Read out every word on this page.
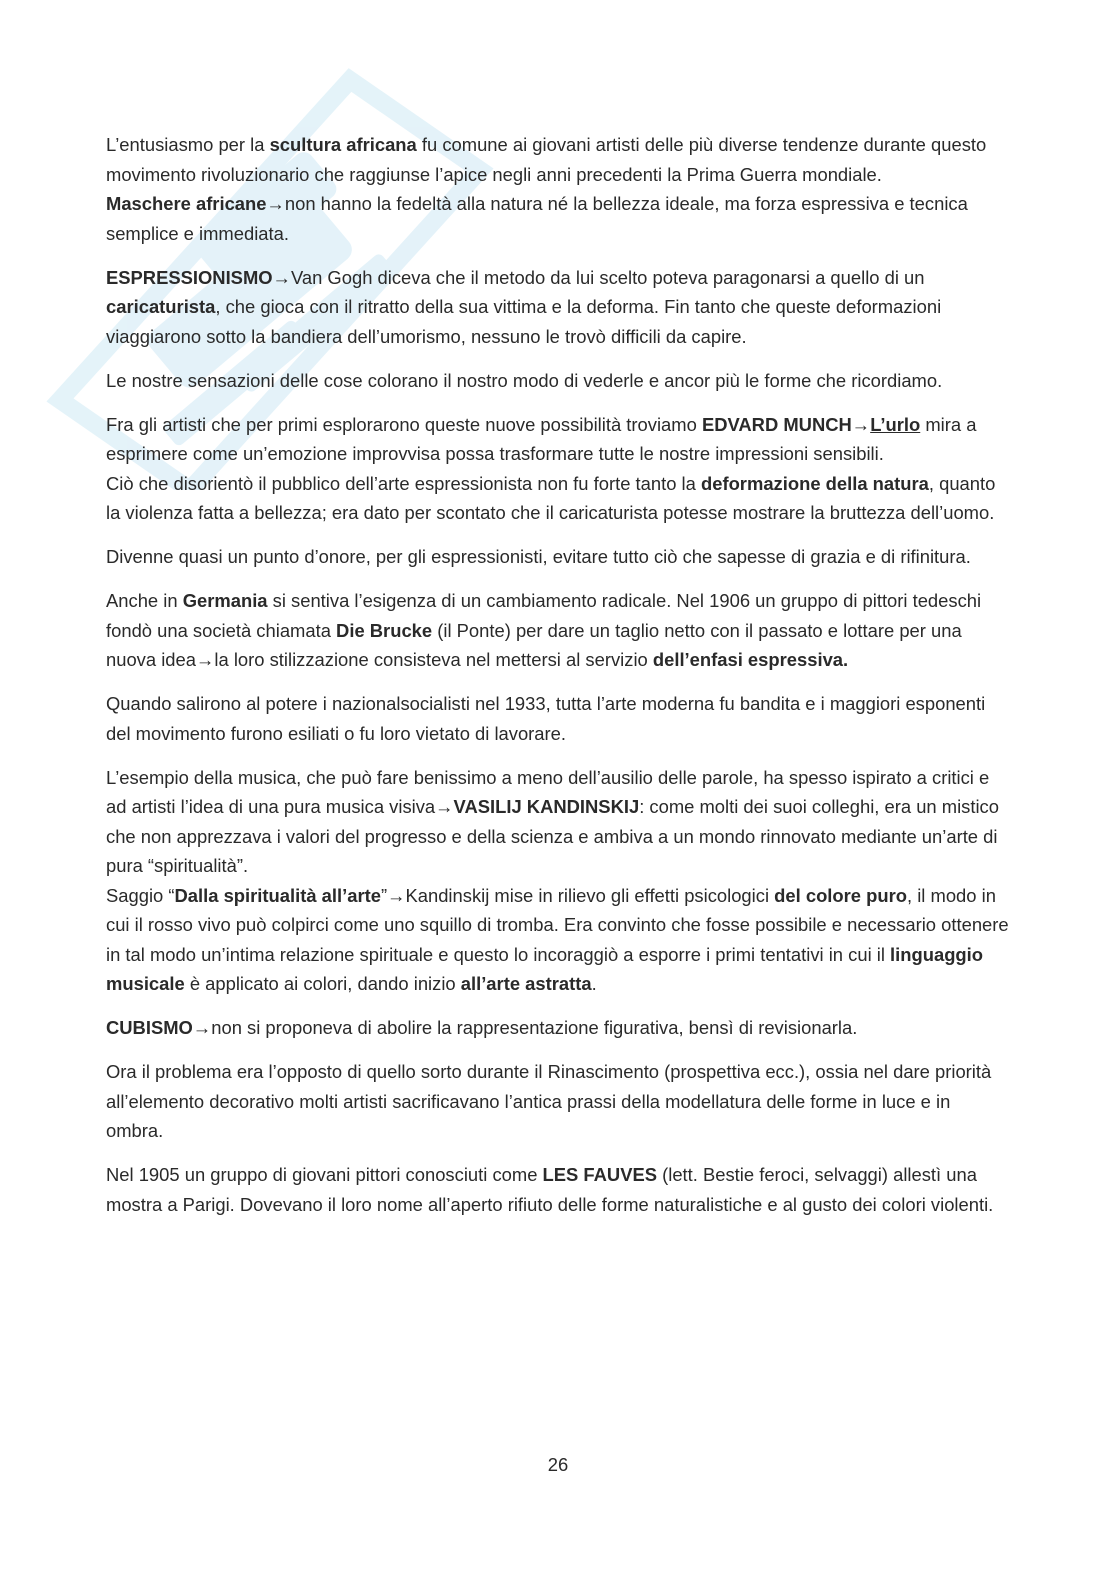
L’entusiasmo per la scultura africana fu comune ai giovani artisti delle più diverse tendenze durante questo movimento rivoluzionario che raggiunse l’apice negli anni precedenti la Prima Guerra mondiale.

Maschere africane→non hanno la fedeltà alla natura né la bellezza ideale, ma forza espressiva e tecnica semplice e immediata.

ESPRESSIONISMO→Van Gogh diceva che il metodo da lui scelto poteva paragonarsi a quello di un caricaturista, che gioca con il ritratto della sua vittima e la deforma. Fin tanto che queste deformazioni viaggiarono sotto la bandiera dell’umorismo, nessuno le trovò difficili da capire.

Le nostre sensazioni delle cose colorano il nostro modo di vederle e ancor più le forme che ricordiamo.

Fra gli artisti che per primi esplorarono queste nuove possibilità troviamo EDVARD MUNCH→L’urlo mira a esprimere come un’emozione improvvisa possa trasformare tutte le nostre impressioni sensibili.

Ciò che disorientò il pubblico dell’arte espressionista non fu forte tanto la deformazione della natura, quanto la violenza fatta a bellezza; era dato per scontato che il caricaturista potesse mostrare la bruttezza dell’uomo.

Divenne quasi un punto d’onore, per gli espressionisti, evitare tutto ciò che sapesse di grazia e di rifinitura.

Anche in Germania si sentiva l’esigenza di un cambiamento radicale. Nel 1906 un gruppo di pittori tedeschi fondò una società chiamata Die Brucke (il Ponte) per dare un taglio netto con il passato e lottare per una nuova idea→la loro stilizzazione consisteva nel mettersi al servizio dell’enfasi espressiva.

Quando salirono al potere i nazionalsocialisti nel 1933, tutta l’arte moderna fu bandita e i maggiori esponenti del movimento furono esiliati o fu loro vietato di lavorare.

L’esempio della musica, che può fare benissimo a meno dell’ausilio delle parole, ha spesso ispirato a critici e ad artisti l’idea di una pura musica visiva→VASILIJ KANDINSKIJ: come molti dei suoi colleghi, era un mistico che non apprezzava i valori del progresso e della scienza e ambiva a un mondo rinnovato mediante un’arte di pura “spiritualità”.

Saggio “Dalla spiritualità all’arte”→Kandinskij mise in rilievo gli effetti psicologici del colore puro, il modo in cui il rosso vivo può colpirci come uno squillo di tromba. Era convinto che fosse possibile e necessario ottenere in tal modo un’intima relazione spirituale e questo lo incoraggiò a esporre i primi tentativi in cui il linguaggio musicale è applicato ai colori, dando inizio all’arte astratta.

CUBISMO→non si proponeva di abolire la rappresentazione figurativa, bensì di revisionarla.

Ora il problema era l’opposto di quello sorto durante il Rinascimento (prospettiva ecc.), ossia nel dare priorità all’elemento decorativo molti artisti sacrificavano l’antica prassi della modellatura delle forme in luce e in ombra.

Nel 1905 un gruppo di giovani pittori conosciuti come LES FAUVES (lett. Bestie feroci, selvaggi) allestì una mostra a Parigi. Dovevano il loro nome all’aperto rifiuto delle forme naturalistiche e al gusto dei colori violenti.

26
